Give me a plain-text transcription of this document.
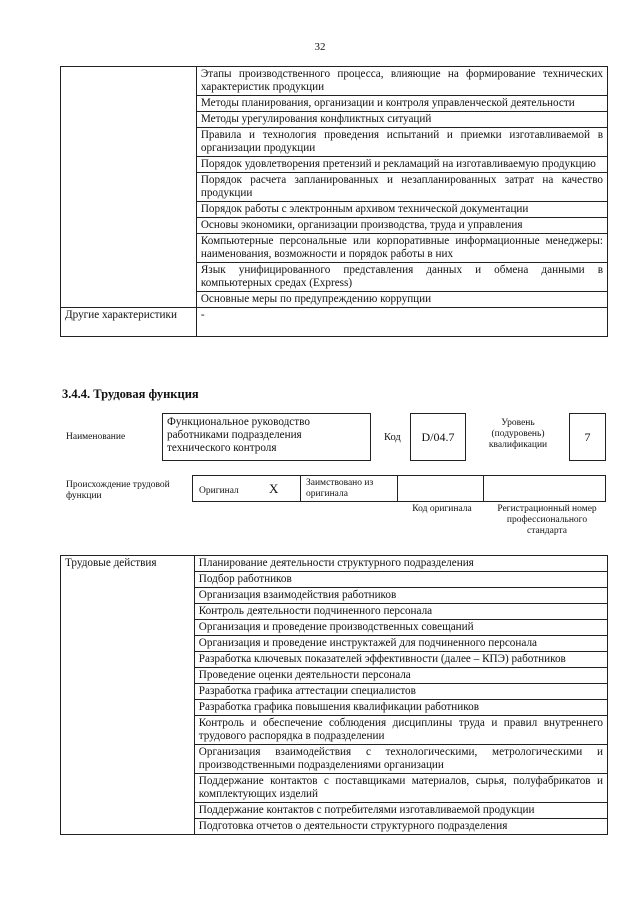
32
	Этапы производственного процесса, влияющие на формирование технических характеристик продукции
	Методы планирования, организации и контроля управленческой деятельности
	Методы урегулирования конфликтных ситуаций
	Правила и технология проведения испытаний и приемки изготавливаемой в организации продукции
	Порядок удовлетворения претензий и рекламаций на изготавливаемую продукцию
	Порядок расчета запланированных и незапланированных затрат на качество продукции
	Порядок работы с электронным архивом технической документации
	Основы экономики, организации производства, труда и управления
	Компьютерные персональные или корпоративные информационные менеджеры: наименования, возможности и порядок работы в них
	Язык унифицированного представления данных и обмена данными в компьютерных средах (Express)
	Основные меры по предупреждению коррупции
Другие характеристики	-
3.4.4. Трудовая функция
Наименование
Функциональное руководство работниками подразделения технического контроля
Код	D/04.7
Уровень (подуровень) квалификации
7
Происхождение трудовой функции	Оригинал X	Заимствовано из оригинала
Код оригинала	Регистрационный номер профессионального стандарта
Трудовые действия	Планирование деятельности структурного подразделения
Подбор работников
Организация взаимодействия работников
Контроль деятельности подчиненного персонала
Организация и проведение производственных совещаний
Организация и проведение инструктажей для подчиненного персонала
Разработка ключевых показателей эффективности (далее – КПЭ) работников
Проведение оценки деятельности персонала
Разработка графика аттестации специалистов
Разработка графика повышения квалификации работников
Контроль и обеспечение соблюдения дисциплины труда и правил внутреннего трудового распорядка в подразделении
Организация взаимодействия с технологическими, метрологическими и производственными подразделениями организации
Поддержание контактов с поставщиками материалов, сырья, полуфабрикатов и комплектующих изделий
Поддержание контактов с потребителями изготавливаемой продукции
Подготовка отчетов о деятельности структурного подразделения
